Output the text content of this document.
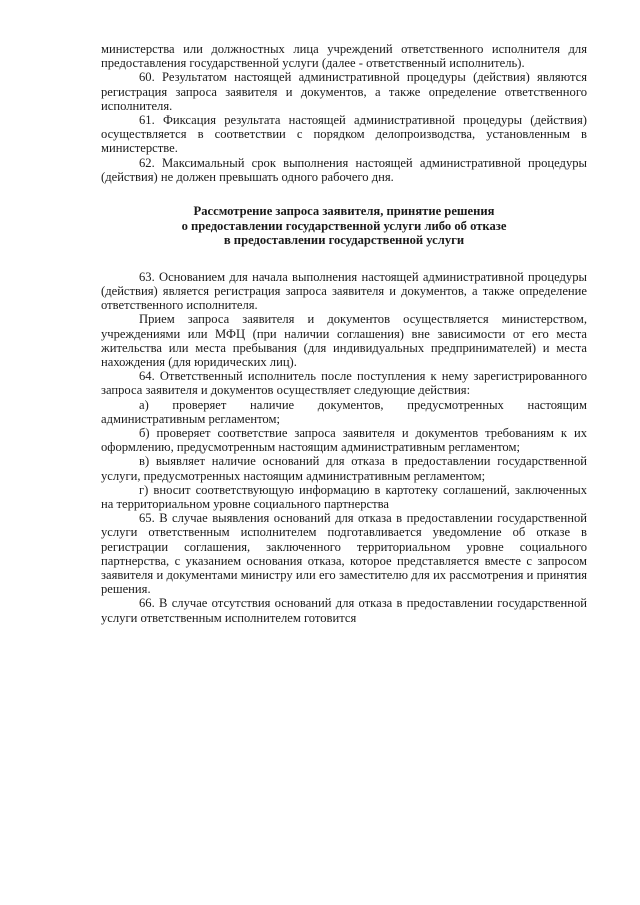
министерства или должностных лица учреждений ответственного исполнителя для предоставления государственной услуги (далее - ответственный исполнитель).

60. Результатом настоящей административной процедуры (действия) являются регистрация запроса заявителя и документов, а также определение ответственного исполнителя.

61. Фиксация результата настоящей административной процедуры (действия) осуществляется в соответствии с порядком делопроизводства, установленным в министерстве.

62. Максимальный срок выполнения настоящей административной процедуры (действия) не должен превышать одного рабочего дня.

Рассмотрение запроса заявителя, принятие решения

о предоставлении государственной услуги либо об отказе

в предоставлении государственной услуги

63. Основанием для начала выполнения настоящей административной процедуры (действия) является регистрация запроса заявителя и документов, а также определение ответственного исполнителя.

Прием запроса заявителя и документов осуществляется министерством, учреждениями или МФЦ (при наличии соглашения) вне зависимости от его места жительства или места пребывания (для индивидуальных предпринимателей) и места нахождения (для юридических лиц).

64. Ответственный исполнитель после поступления к нему зарегистрированного запроса заявителя и документов осуществляет следующие действия:

а) проверяет наличие документов, предусмотренных настоящим административным регламентом;

б) проверяет соответствие запроса заявителя и документов требованиям к их оформлению, предусмотренным настоящим административным регламентом;

в) выявляет наличие оснований для отказа в предоставлении государственной услуги, предусмотренных настоящим административным регламентом;

г) вносит соответствующую информацию в картотеку соглашений, заключенных на территориальном уровне социального партнерства

65. В случае выявления оснований для отказа в предоставлении государственной услуги ответственным исполнителем подготавливается уведомление об отказе в регистрации соглашения, заключенного территориальном уровне социального партнерства, с указанием основания отказа, которое представляется вместе с запросом заявителя и документами министру или его заместителю для их рассмотрения и принятия решения.

66. В случае отсутствия оснований для отказа в предоставлении государственной услуги ответственным исполнителем готовится
